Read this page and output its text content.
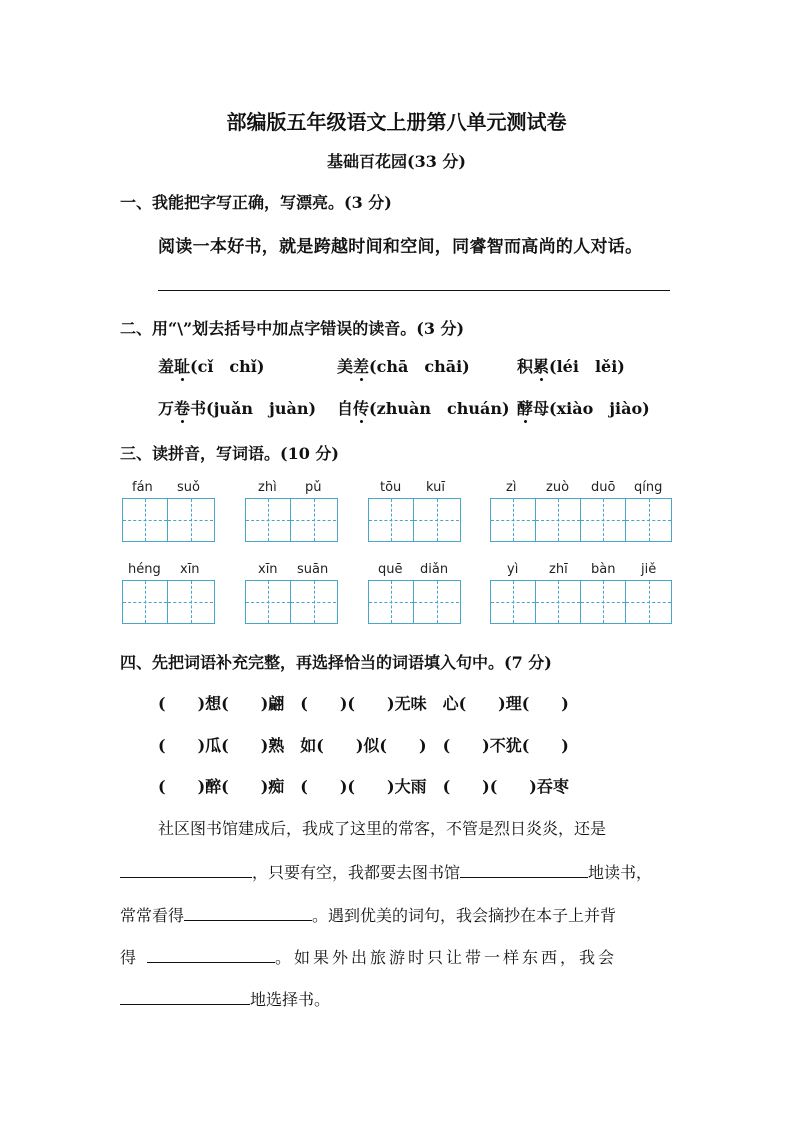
部编版五年级语文上册第八单元测试卷
基础百花园(33 分)
一、我能把字写正确，写漂亮。(3 分)
阅读一本好书，就是跨越时间和空间，同睿智而高尚的人对话。
二、用“\”划去括号中加点字错误的读音。(3 分)
羞耻(cǐ　chǐ)	美差(chā　chāi)	积累(léi　lěi)
万卷书(juǎn　juàn) 自传(zhuàn　chuán) 酵母(xiào　jiào)
三、读拼音，写词语。(10 分)
fán suǒ	zhì pǔ	tōu kuī	zì zuò duō qíng
héng xīn	xīn suān	quē diǎn	yì zhī bàn jiě
四、先把词语补充完整，再选择恰当的词语填入句中。(7 分)
(　　)想(　　)翩　(　　)(　　)无味　心(　　)理(　　)
(　　)瓜(　　)熟　如(　　)似(　　)　(　　)不犹(　　)
(　　)醉(　　)痴　(　　)(　　)大雨　(　　)(　　)吞枣
社区图书馆建成后，我成了这里的常客，不管是烈日炎炎，还是
，只要有空，我都要去图书馆	地读书，
常常看得	。遇到优美的词句，我会摘抄在本子上并背
得	。如果外出旅游时只让带一样东西，我会
地选择书。
